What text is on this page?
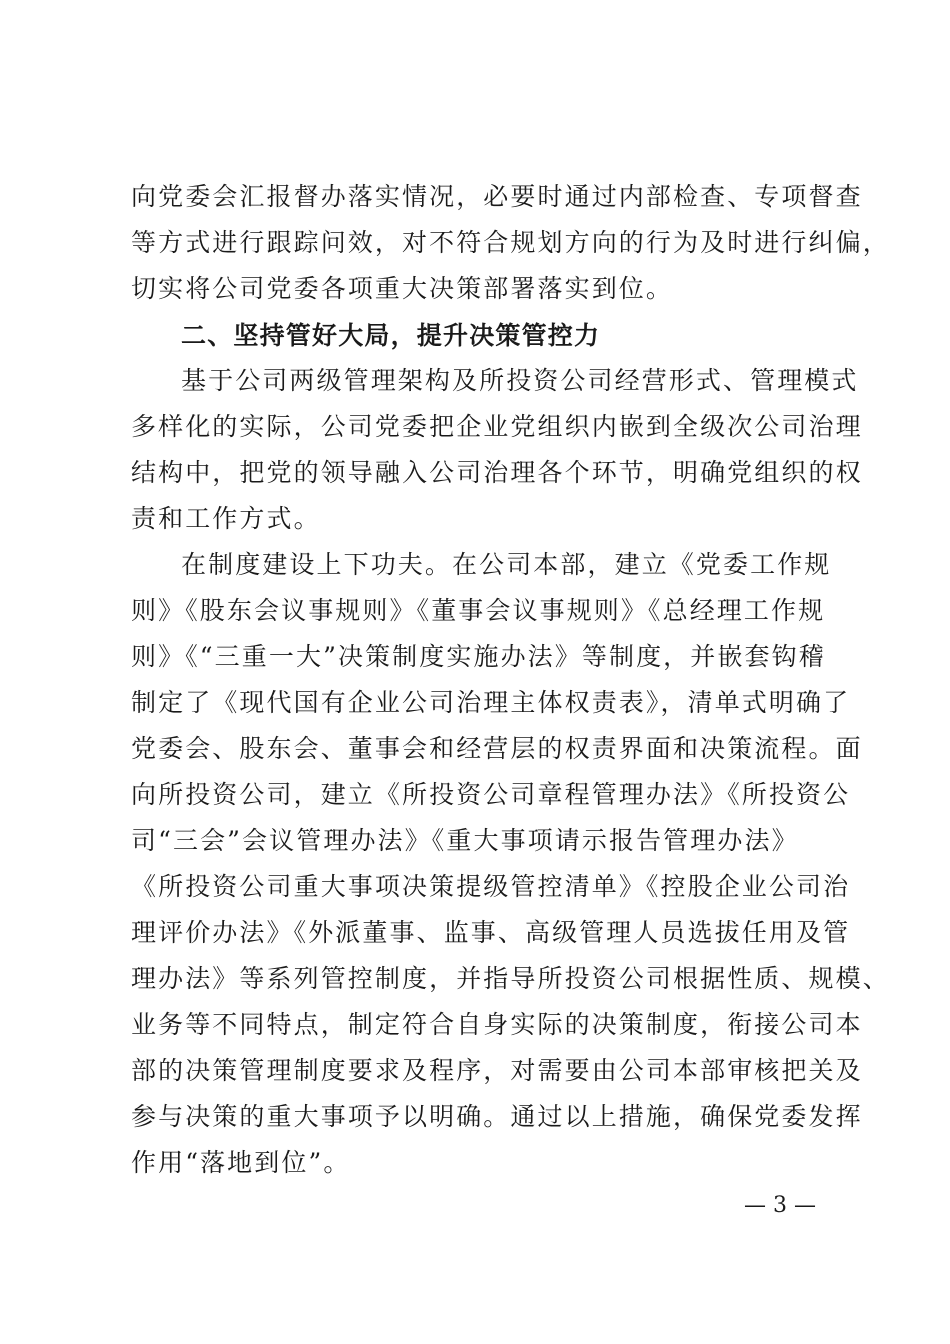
向党委会汇报督办落实情况，必要时通过内部检查、专项督查
等方式进行跟踪问效，对不符合规划方向的行为及时进行纠偏，
切实将公司党委各项重大决策部署落实到位。
二、坚持管好大局，提升决策管控力
基于公司两级管理架构及所投资公司经营形式、管理模式
多样化的实际，公司党委把企业党组织内嵌到全级次公司治理
结构中，把党的领导融入公司治理各个环节，明确党组织的权
责和工作方式。
在制度建设上下功夫。在公司本部，建立《党委工作规
则》《股东会议事规则》《董事会议事规则》《总经理工作规
则》《“三重一大”决策制度实施办法》等制度，并嵌套钩稽
制定了《现代国有企业公司治理主体权责表》，清单式明确了
党委会、股东会、董事会和经营层的权责界面和决策流程。面
向所投资公司，建立《所投资公司章程管理办法》《所投资公
司“三会”会议管理办法》《重大事项请示报告管理办法》
《所投资公司重大事项决策提级管控清单》《控股企业公司治
理评价办法》《外派董事、监事、高级管理人员选拔任用及管
理办法》等系列管控制度，并指导所投资公司根据性质、规模、
业务等不同特点，制定符合自身实际的决策制度，衔接公司本
部的决策管理制度要求及程序，对需要由公司本部审核把关及
参与决策的重大事项予以明确。通过以上措施，确保党委发挥
作用“落地到位”。
— 3 —
